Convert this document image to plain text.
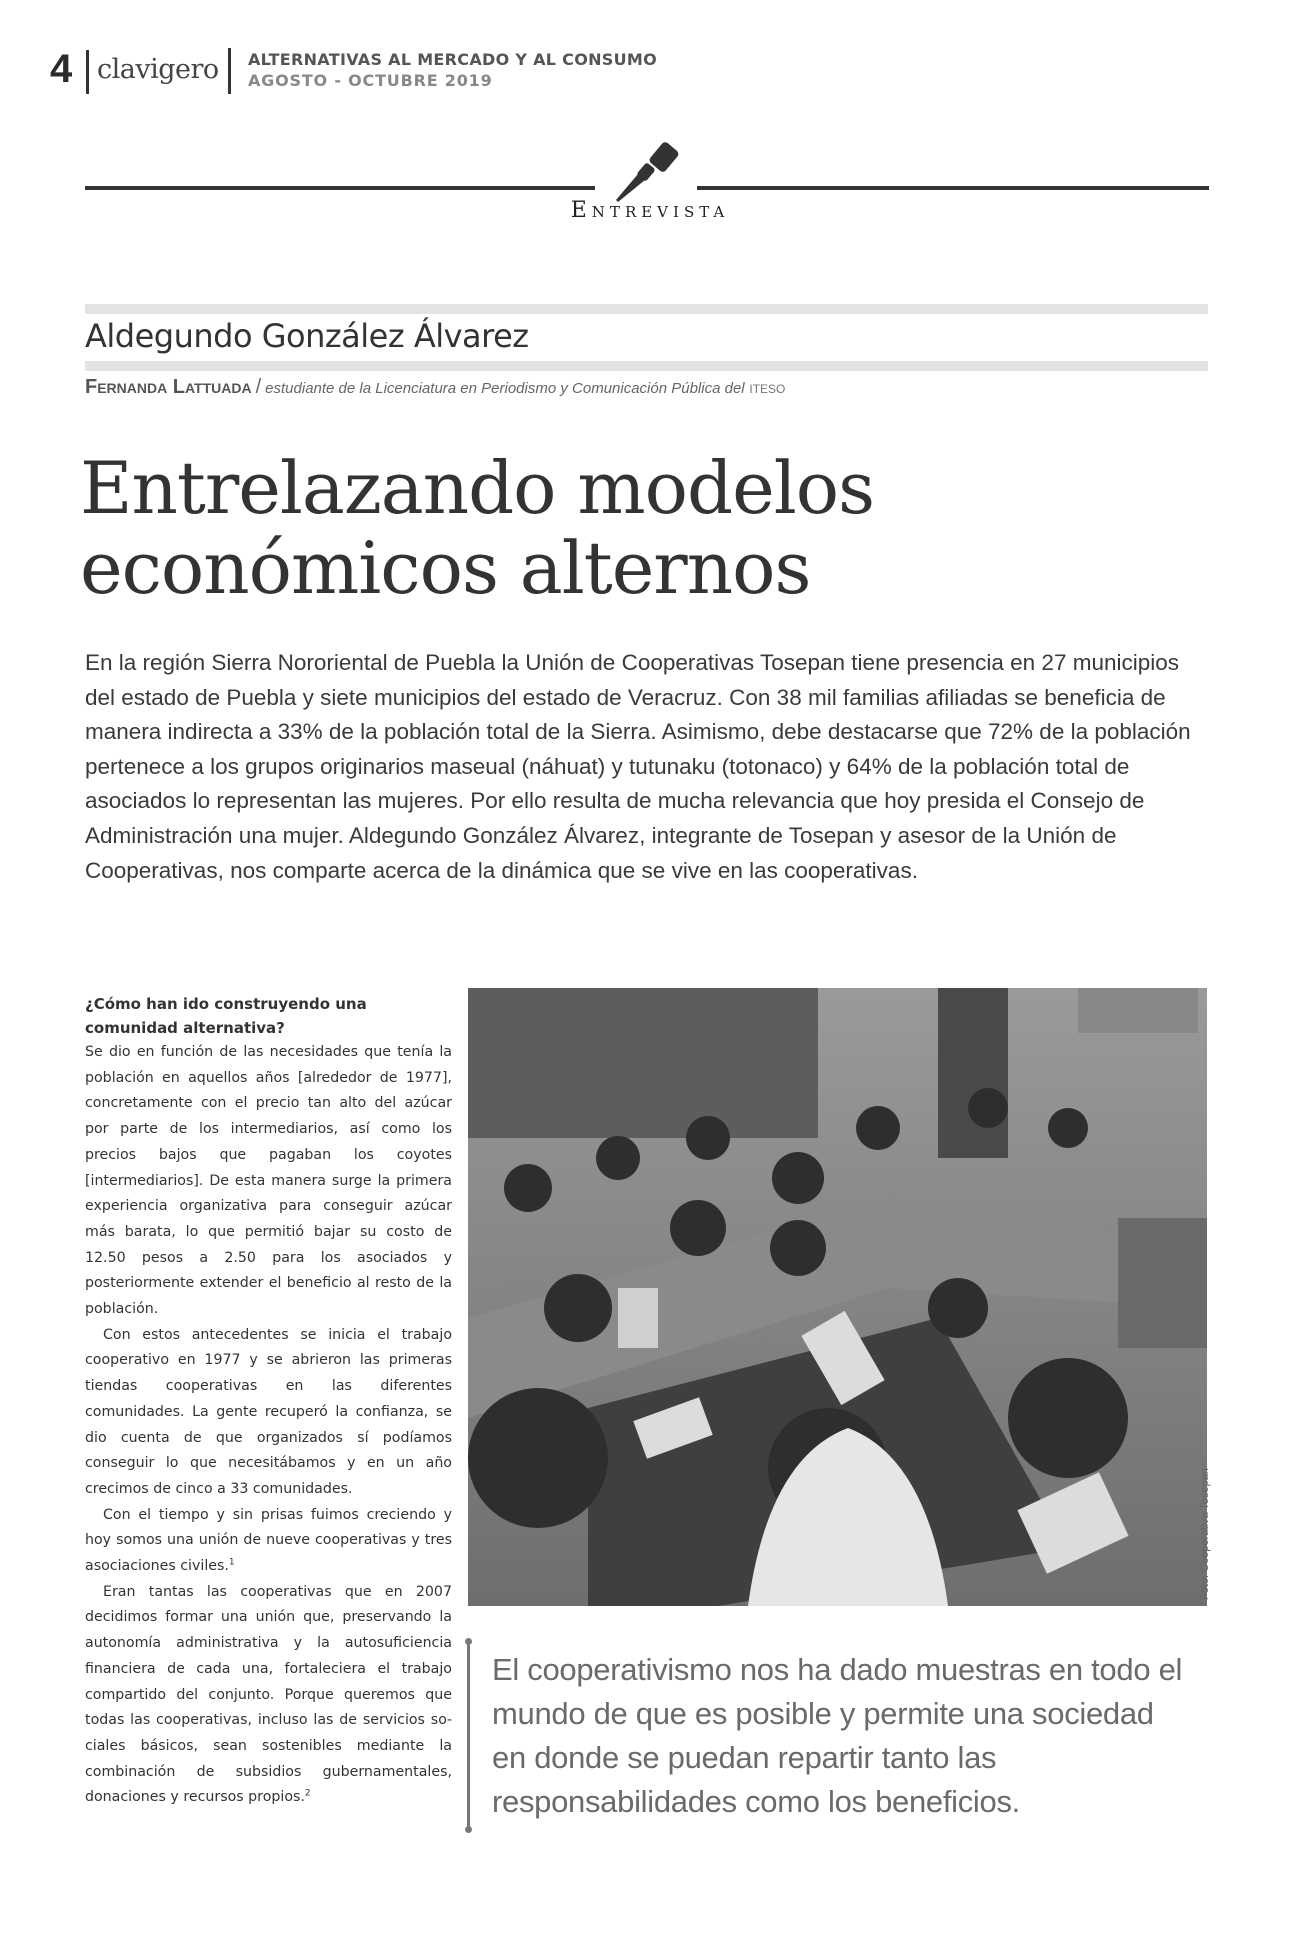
4 clavigero ALTERNATIVAS AL MERCADO Y AL CONSUMO
AGOSTO - OCTUBRE 2019
Entrevista
Aldegundo González Álvarez
Fernanda Lattuada / estudiante de la Licenciatura en Periodismo y Comunicación Pública del ITESO
Entrelazando modelos
económicos alternos

En la región Sierra Nororiental de Puebla la Unión de Cooperativas Tosepan tiene presencia en 27 municipios del estado de Puebla y siete municipios del estado de Veracruz. Con 38 mil familias afiliadas se beneficia de manera indirecta a 33% de la población total de la Sierra. Asimismo, debe destacarse que 72% de la población pertenece a los grupos originarios maseual (náhuat) y tutunaku (totonaco) y 64% de la población total de asociados lo representan las mujeres. Por ello resulta de mucha relevancia que hoy presida el Consejo de Administración una mujer. Aldegundo González Álvarez, integrante de Tosepan y asesor de la Unión de Cooperativas, nos comparte acerca de la dinámica que se vive en las cooperativas.

¿Cómo han ido construyendo una comunidad alternativa?

Se dio en función de las necesidades que tenía la población en aquellos años [alrededor de 1977], concretamente con el precio tan alto del azúcar por parte de los intermediarios, así como los precios bajos que pagaban los coyotes [intermediarios]. De esta manera surge la primera experiencia organizativa para conseguir azúcar más barata, lo que permitió bajar su costo de 12.50 pesos a 2.50 para los asociados y posteriormente extender el beneficio al resto de la población.

Con estos antecedentes se inicia el trabajo cooperativo en 1977 y se abrieron las primeras tiendas cooperativas en las diferentes comunidades. La gente recuperó la confianza, se dio cuenta de que organizados sí podíamos conseguir lo que necesitábamos y en un año crecimos de cinco a 33 comunidades.

Con el tiempo y sin prisas fuimos creciendo y hoy somos una unión de nueve cooperativas y tres asociaciones civiles.$^1$

Eran tantas las cooperativas que en 2007 decidimos formar una unión que, preservando la autonomía administrativa y la autosuficiencia financiera de cada una, fortaleciera el trabajo compartido del conjunto. Porque queremos que todas las cooperativas, incluso las de servicios sociales básicos, sean sostenibles mediante la combinación de subsidios gubernamentales, donaciones y recursos propios.$^2$

Foto: Cooperativa Tosepan
El cooperativismo nos ha dado muestras en todo el mundo de que es posible y permite una sociedad en donde se puedan repartir tanto las responsabilidades como los beneficios.
